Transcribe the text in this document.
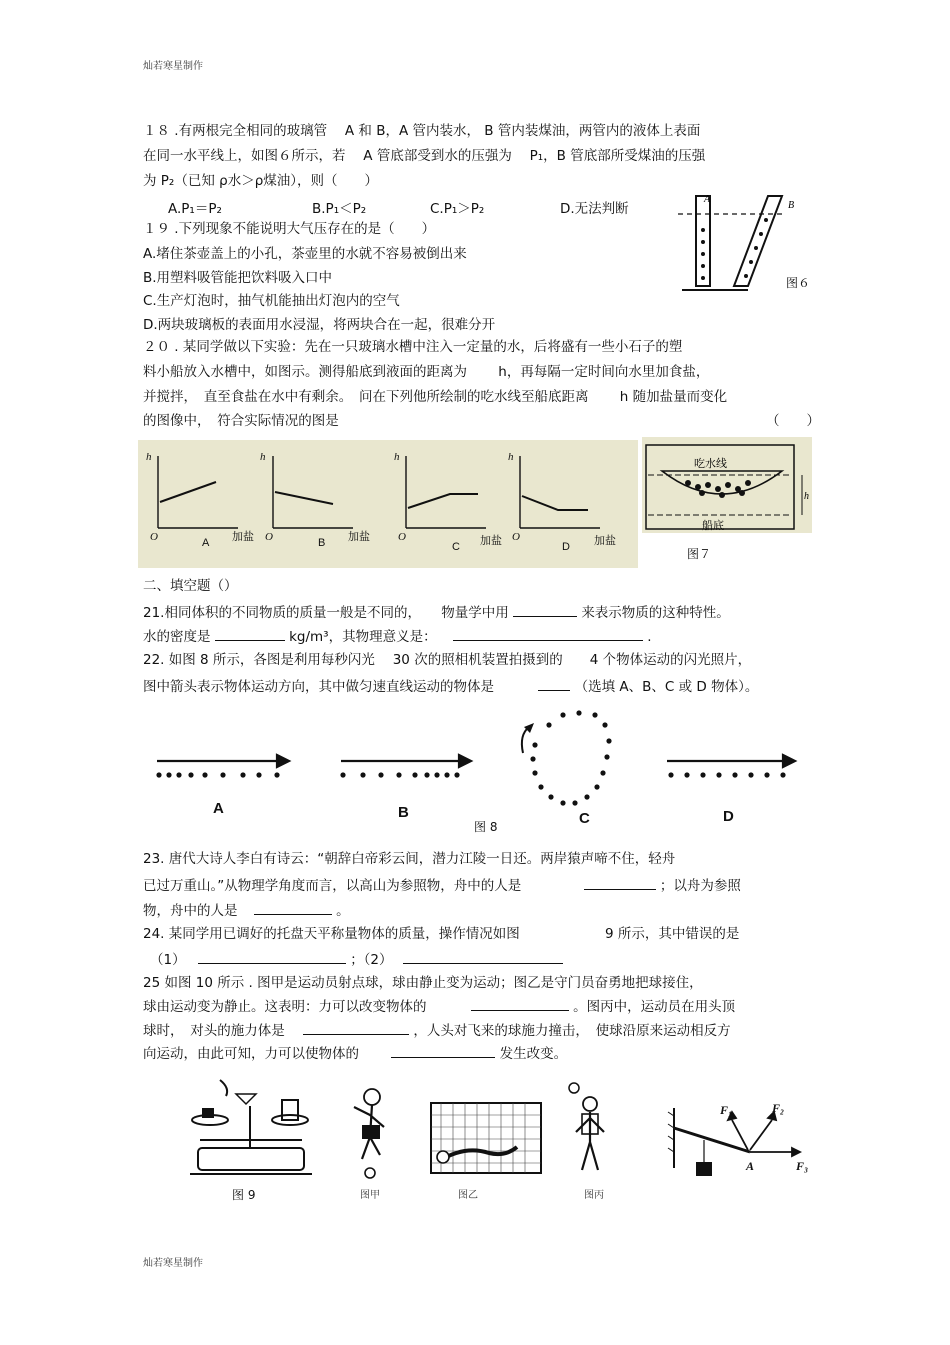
灿若寒星制作
灿若寒星制作
１８ .有两根完全相同的玻璃管　 A 和 B，A 管内装水， B 管内装煤油，两管内的液体上表面
在同一水平线上，如图６所示，若　 A 管底部受到水的压强为　 P₁，B 管底部所受煤油的压强
为 P₂（已知 ρ水＞ρ煤油），则（　　）
A.P₁＝P₂	B.P₁＜P₂	C.P₁＞P₂	D.无法判断
１９ .下列现象不能说明大气压存在的是（　　）
A.堵住茶壶盖上的小孔，茶壶里的水就不容易被倒出来
B.用塑料吸管能把饮料吸入口中
C.生产灯泡时，抽气机能抽出灯泡内的空气
D.两块玻璃板的表面用水浸湿，将两块合在一起，很难分开
A
B
图６
２０ . 某同学做以下实验：先在一只玻璃水槽中注入一定量的水，后将盛有一些小石子的塑
料小船放入水槽中，如图示。测得船底到液面的距离为　　 h，再每隔一定时间向水里加食盐，
并搅拌，　直至食盐在水中有剩余。　问在下列他所绘制的吃水线至船底距离　　 h 随加盐量而变化
的图像中，　符合实际情况的图是	（　　）
h	h	h	h
O	O	O	O
加盐	加盐	加盐	加盐
A	B	C	D
吃水线
船底
h
图７
二、填空题（）
21.相同体积的不同物质的质量一般是不同的，　　物量学中用	来表示物质的这种特性。
水的密度是	kg/m³，其物理意义是：	.
22. 如图 8 所示，各图是利用每秒闪光　 30 次的照相机装置拍摄到的　　4 个物体运动的闪光照片，
图中箭头表示物体运动方向，其中做匀速直线运动的物体是	（选填 A、B、C 或 D 物体）。
A	B	C	D
图 8
23. 唐代大诗人李白有诗云：“朝辞白帝彩云间，潜力江陵一日还。两岸猿声啼不住，轻舟
已过万重山。”从物理学角度而言，以高山为参照物，舟中的人是	；以舟为参照
物，舟中的人是	。
24. 某同学用已调好的托盘天平称量物体的质量，操作情况如图　　　　　　 9 所示，其中错误的是
（1）	；（2）
25 如图 10 所示 . 图甲是运动员射点球，球由静止变为运动；图乙是守门员奋勇地把球接住，
球由运动变为静止。这表明：力可以改变物体的	。图丙中，运动员在用头顶
球时，　对头的施力体是	，人头对飞来的球施力撞击，　使球沿原来运动相反方
向运动，由此可知，力可以使物体的	发生改变。
图 9	图甲	图乙	图丙
F₁	F₂
F₃
A
